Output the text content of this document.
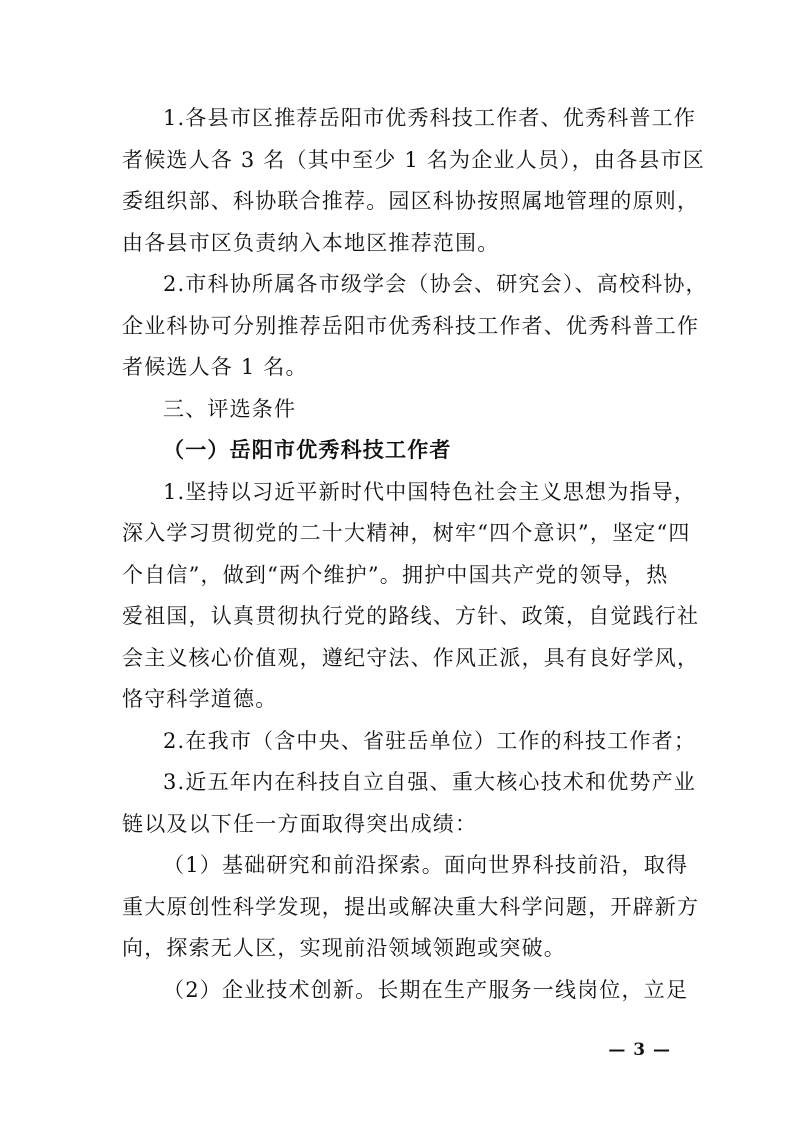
1.各县市区推荐岳阳市优秀科技工作者、优秀科普工作
者候选人各 3 名（其中至少 1 名为企业人员），由各县市区
委组织部、科协联合推荐。园区科协按照属地管理的原则，
由各县市区负责纳入本地区推荐范围。
2.市科协所属各市级学会（协会、研究会）、高校科协，
企业科协可分别推荐岳阳市优秀科技工作者、优秀科普工作
者候选人各 1 名。
三、评选条件
（一）岳阳市优秀科技工作者
1.坚持以习近平新时代中国特色社会主义思想为指导，
深入学习贯彻党的二十大精神，树牢“四个意识”，坚定“四
个自信”，做到“两个维护”。拥护中国共产党的领导，热
爱祖国，认真贯彻执行党的路线、方针、政策，自觉践行社
会主义核心价值观，遵纪守法、作风正派，具有良好学风，
恪守科学道德。
2.在我市（含中央、省驻岳单位）工作的科技工作者；
3.近五年内在科技自立自强、重大核心技术和优势产业
链以及以下任一方面取得突出成绩：
（1）基础研究和前沿探索。面向世界科技前沿，取得
重大原创性科学发现，提出或解决重大科学问题，开辟新方
向，探索无人区，实现前沿领域领跑或突破。
（2）企业技术创新。长期在生产服务一线岗位，立足
— 3 —
